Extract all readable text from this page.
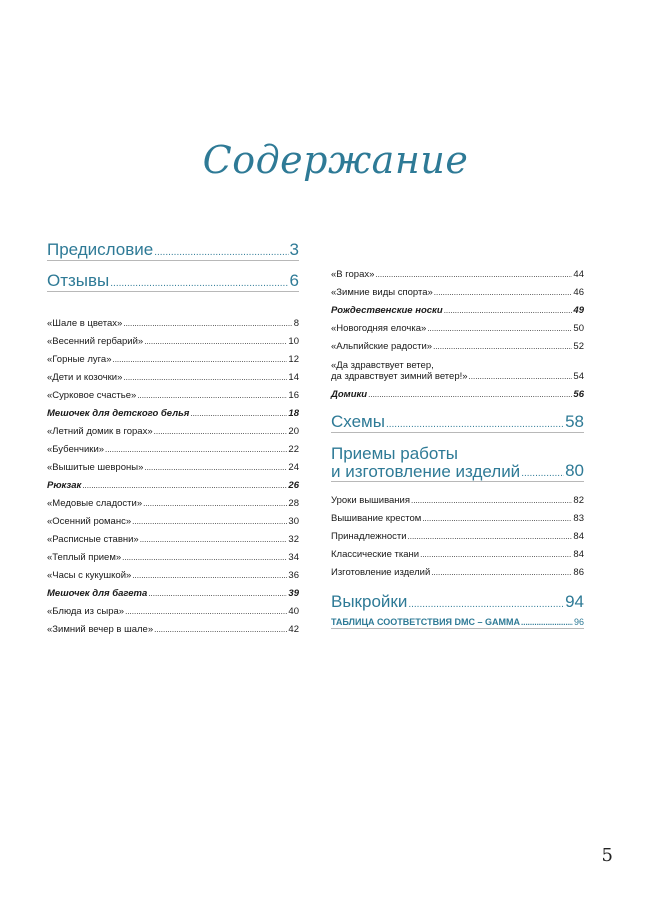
Содержание
Предисловие .....	3
Отзывы .....	6
«Шале в цветах» .....	8
«Весенний гербарий» .....	10
«Горные луга» .....	12
«Дети и козочки» .....	14
«Сурковое счастье» .....	16
Мешочек для детского белья .....	18
«Летний домик в горах» .....	20
«Бубенчики» .....	22
«Вышитые шевроны» .....	24
Рюкзак .....	26
«Медовые сладости» .....	28
«Осенний романс» .....	30
«Расписные ставни» .....	32
«Теплый прием» .....	34
«Часы с кукушкой» .....	36
Мешочек для багета .....	39
«Блюда из сыра» .....	40
«Зимний вечер в шале» .....	42
«В горах» .....	44
«Зимние виды спорта» .....	46
Рождественские носки .....	49
«Новогодняя елочка» .....	50
«Альпийские радости» .....	52
«Да здравствует ветер,
да здравствует зимний ветер!» .....	54
Домики .....	56
Схемы .....	58
Приемы работы
и изготовление изделий .....	80
Уроки вышивания .....	82
Вышивание крестом .....	83
Принадлежности .....	84
Классические ткани .....	84
Изготовление изделий .....	86
Выкройки .....	94
ТАБЛИЦА СООТВЕТСТВИЯ DMC – GAMMA .....	96
5
